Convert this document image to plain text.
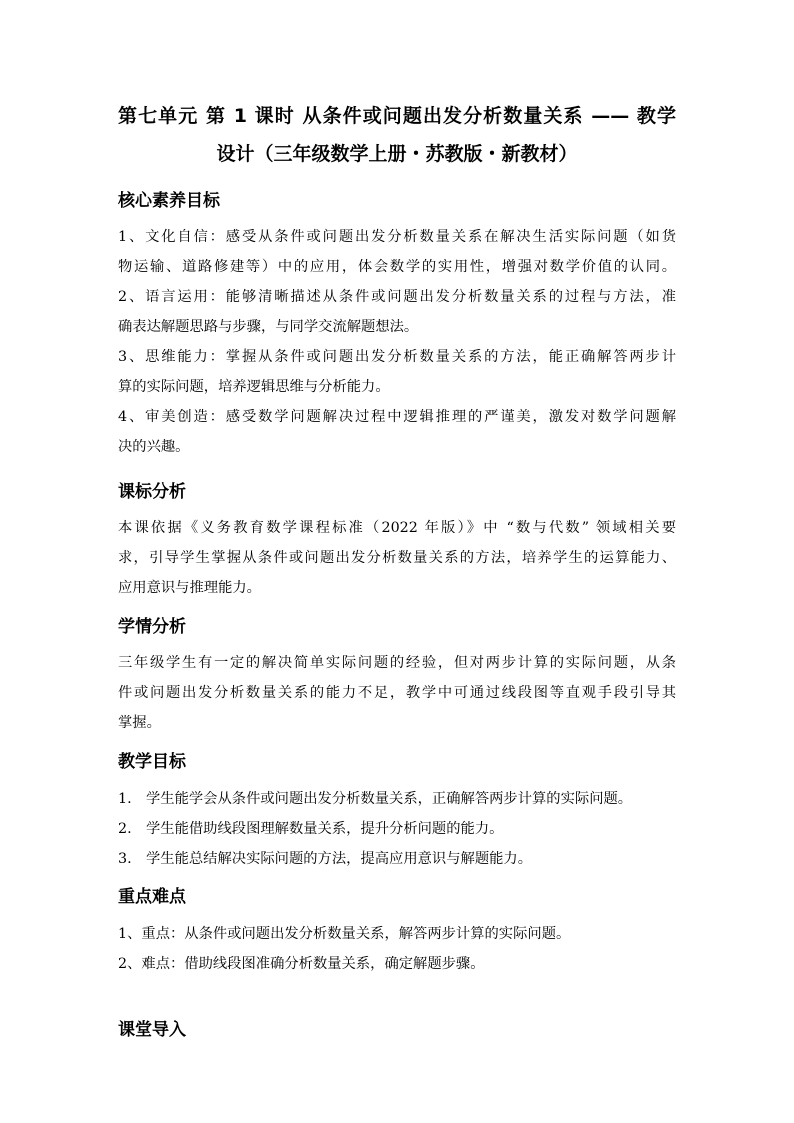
第七单元 第 1 课时 从条件或问题出发分析数量关系 —— 教学
设计（三年级数学上册・苏教版・新教材）
核心素养目标
1、文化自信：感受从条件或问题出发分析数量关系在解决生活实际问题（如货
物运输、道路修建等）中的应用，体会数学的实用性，增强对数学价值的认同。
2、语言运用：能够清晰描述从条件或问题出发分析数量关系的过程与方法，准
确表达解题思路与步骤，与同学交流解题想法。
3、思维能力：掌握从条件或问题出发分析数量关系的方法，能正确解答两步计
算的实际问题，培养逻辑思维与分析能力。
4、审美创造：感受数学问题解决过程中逻辑推理的严谨美，激发对数学问题解
决的兴趣。
课标分析
本课依据《义务教育数学课程标准（2022 年版）》中 “数与代数” 领域相关要
求，引导学生掌握从条件或问题出发分析数量关系的方法，培养学生的运算能力、
应用意识与推理能力。
学情分析
三年级学生有一定的解决简单实际问题的经验，但对两步计算的实际问题，从条
件或问题出发分析数量关系的能力不足，教学中可通过线段图等直观手段引导其
掌握。
教学目标
1. 学生能学会从条件或问题出发分析数量关系，正确解答两步计算的实际问题。
2. 学生能借助线段图理解数量关系，提升分析问题的能力。
3. 学生能总结解决实际问题的方法，提高应用意识与解题能力。
重点难点
1、重点：从条件或问题出发分析数量关系，解答两步计算的实际问题。
2、难点：借助线段图准确分析数量关系，确定解题步骤。
课堂导入
